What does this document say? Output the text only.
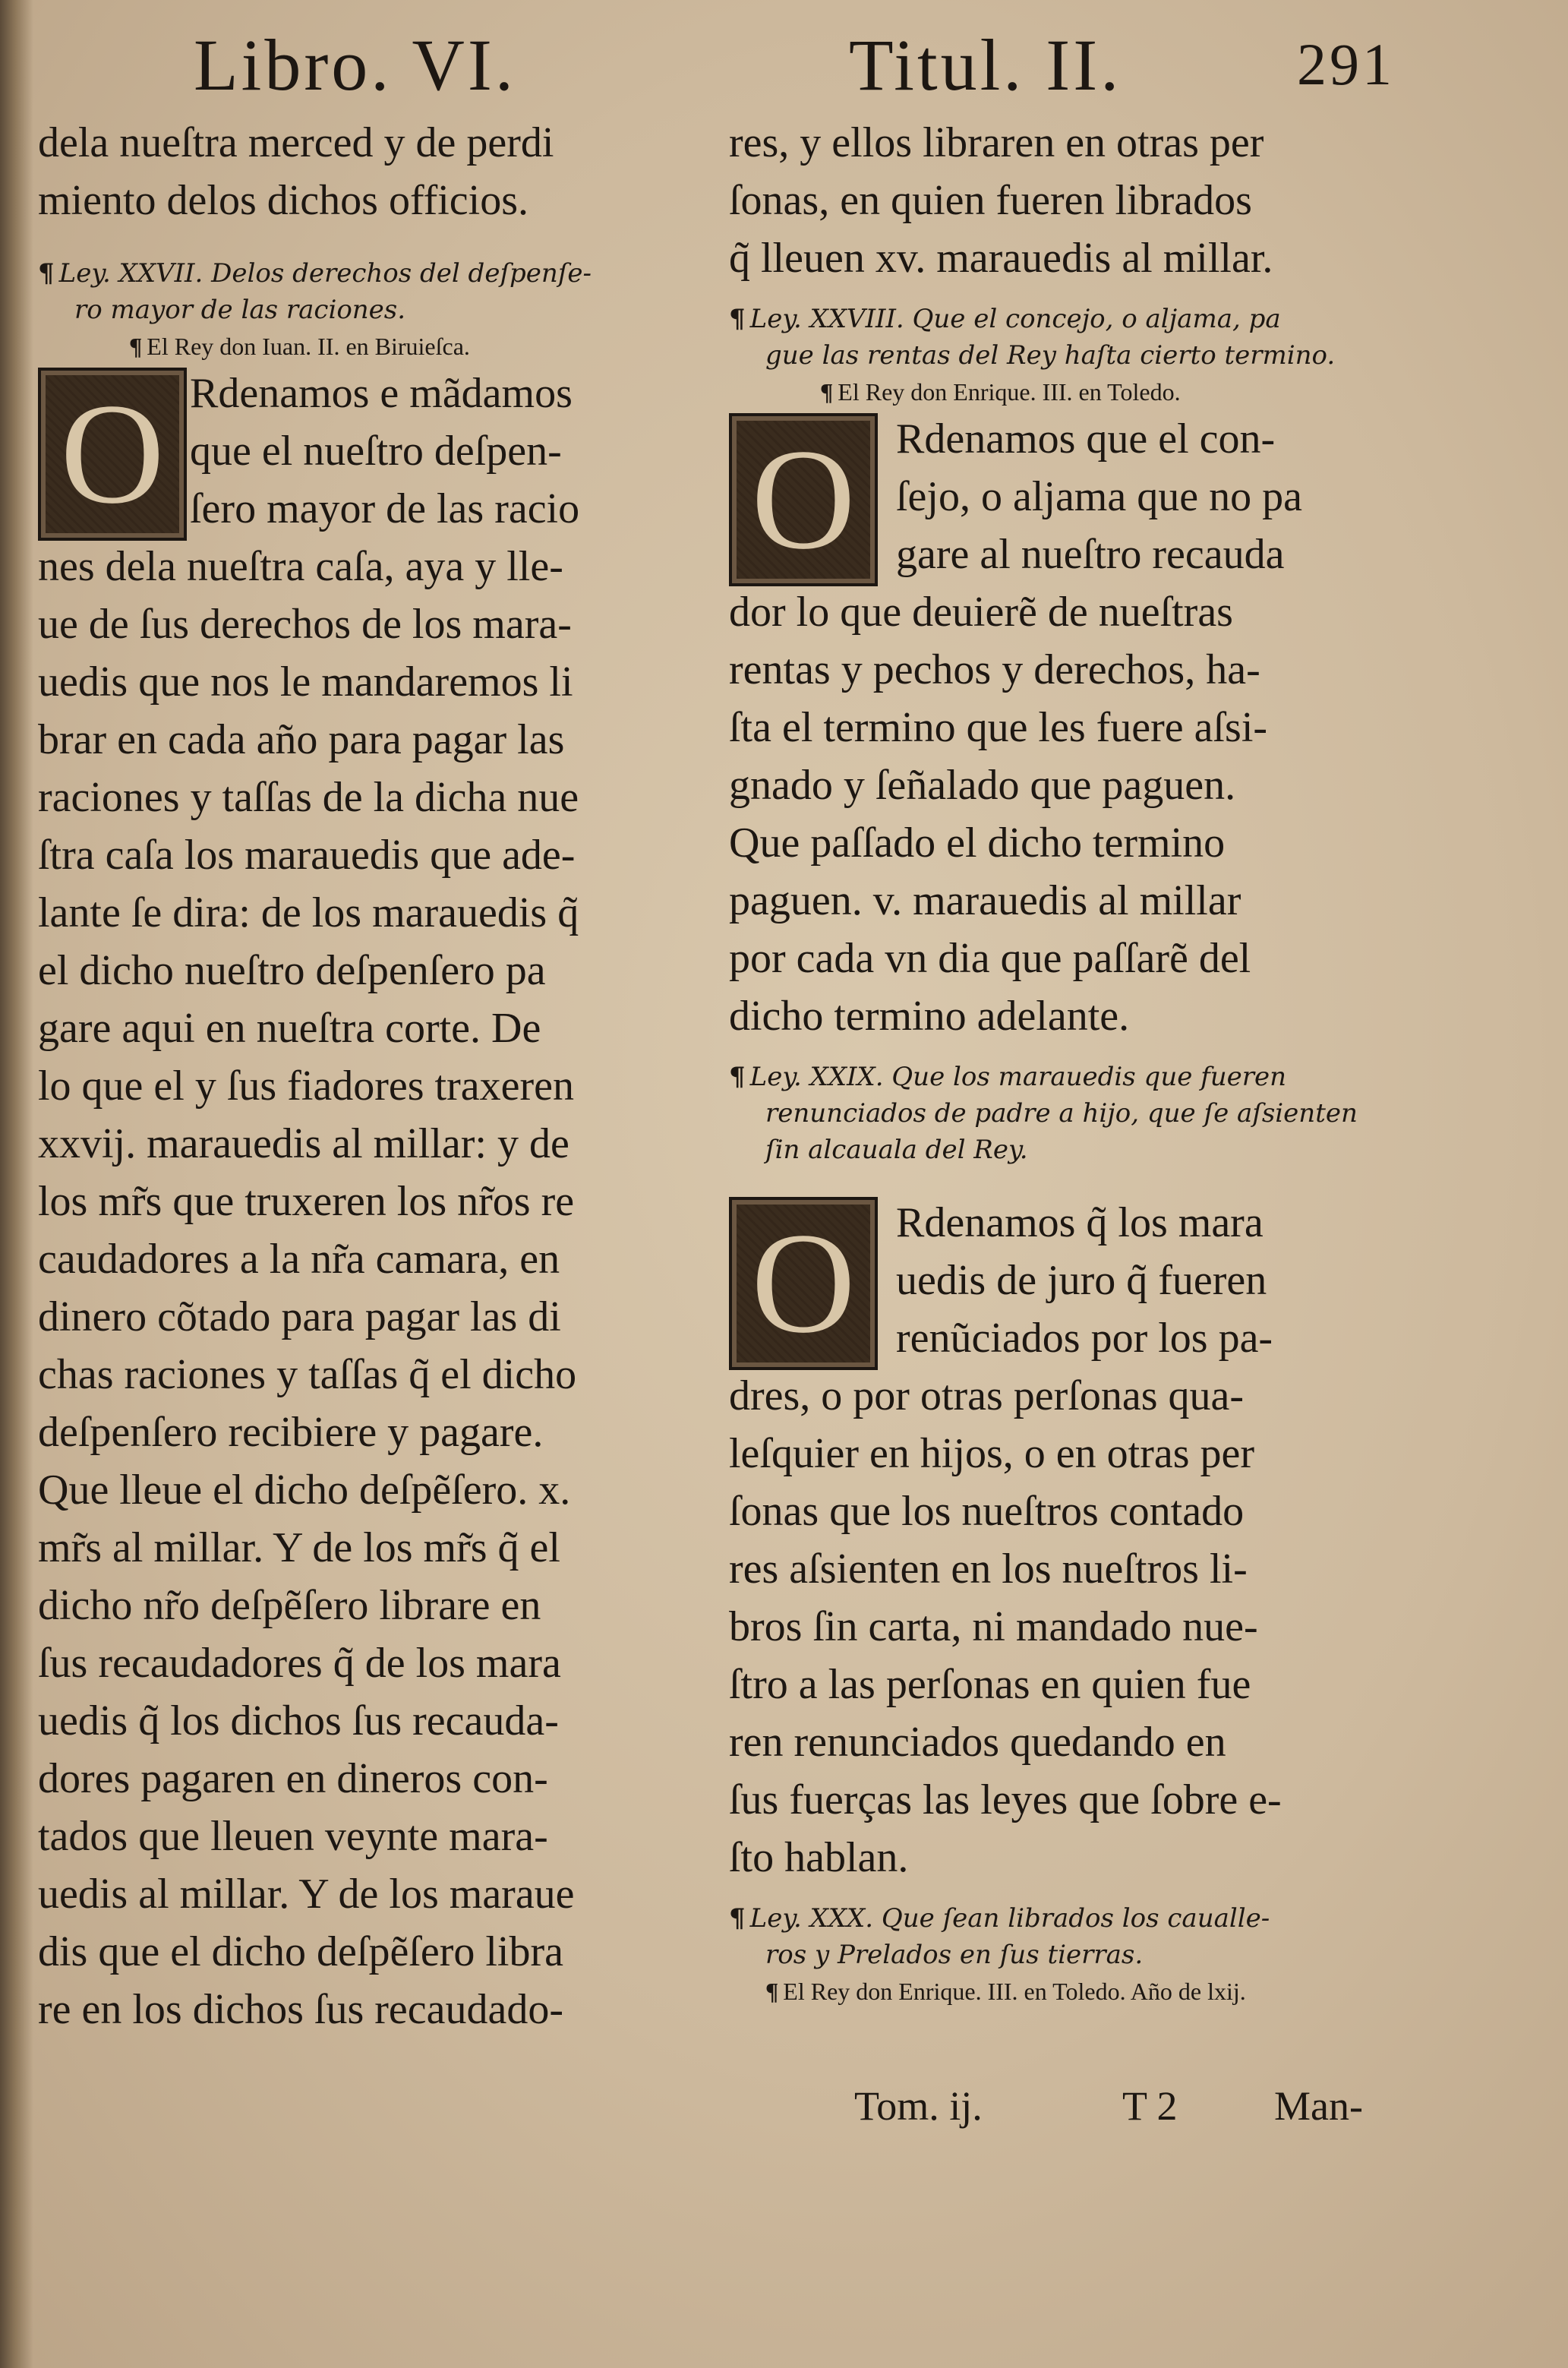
Libro. VI.	Titul. II.	291
dela nueſtra merced y de perdi
miento delos dichos officios.
¶ Ley. XXVII. Delos derechos del deſpenſe-
ro mayor de las raciones.
¶ El Rey don Iuan. II. en Biruieſca.
O Rdenamos e mãdamos
que el nueſtro deſpen-
ſero mayor de las racio
nes dela nueſtra caſa, aya y lle-
ue de ſus derechos de los mara-
uedis que nos le mandaremos li
brar en cada año para pagar las
raciones y taſſas de la dicha nue
ſtra caſa los marauedis que ade-
lante ſe dira: de los marauedis q̃
el dicho nueſtro deſpenſero pa
gare aqui en nueſtra corte. De
lo que el y ſus fiadores traxeren
xxvij. marauedis al millar: y de
los mr̃s que truxeren los nr̃os re
caudadores a la nr̃a camara, en
dinero cõtado para pagar las di
chas raciones y taſſas q̃ el dicho
deſpenſero recibiere y pagare.
Que lleue el dicho deſpẽſero. x.
mr̃s al millar. Y de los mr̃s q̃ el
dicho nr̃o deſpẽſero librare en
ſus recaudadores q̃ de los mara
uedis q̃ los dichos ſus recauda-
dores pagaren en dineros con-
tados que lleuen veynte mara-
uedis al millar. Y de los maraue
dis que el dicho deſpẽſero libra
re en los dichos ſus recaudado-
res, y ellos libraren en otras per
ſonas, en quien fueren librados
q̃ lleuen xv. marauedis al millar.
¶ Ley. XXVIII. Que el concejo, o aljama, pa
gue las rentas del Rey haſta cierto termino.
¶ El Rey don Enrique. III. en Toledo.
O Rdenamos que el con-
ſejo, o aljama que no pa
gare al nueſtro recauda
dor lo que deuierẽ de nueſtras
rentas y pechos y derechos, ha-
ſta el termino que les fuere aſsi-
gnado y ſeñalado que paguen.
Que paſſado el dicho termino
paguen. v. marauedis al millar
por cada vn dia que paſſarẽ del
dicho termino adelante.
¶ Ley. XXIX. Que los marauedis que fueren
renunciados de padre a hijo, que ſe aſsienten
ſin alcauala del Rey.
O Rdenamos q̃ los mara
uedis de juro q̃ fueren
renũciados por los pa-
dres, o por otras perſonas qua-
leſquier en hijos, o en otras per
ſonas que los nueſtros contado
res aſsienten en los nueſtros li-
bros ſin carta, ni mandado nue-
ſtro a las perſonas en quien fue
ren renunciados quedando en
ſus fuerças las leyes que ſobre e-
ſto hablan.
¶ Ley. XXX. Que ſean librados los caualle-
ros y Prelados en ſus tierras.
¶ El Rey don Enrique. III. en Toledo. Año de lxij.
Tom. ij.	T 2 Man-
